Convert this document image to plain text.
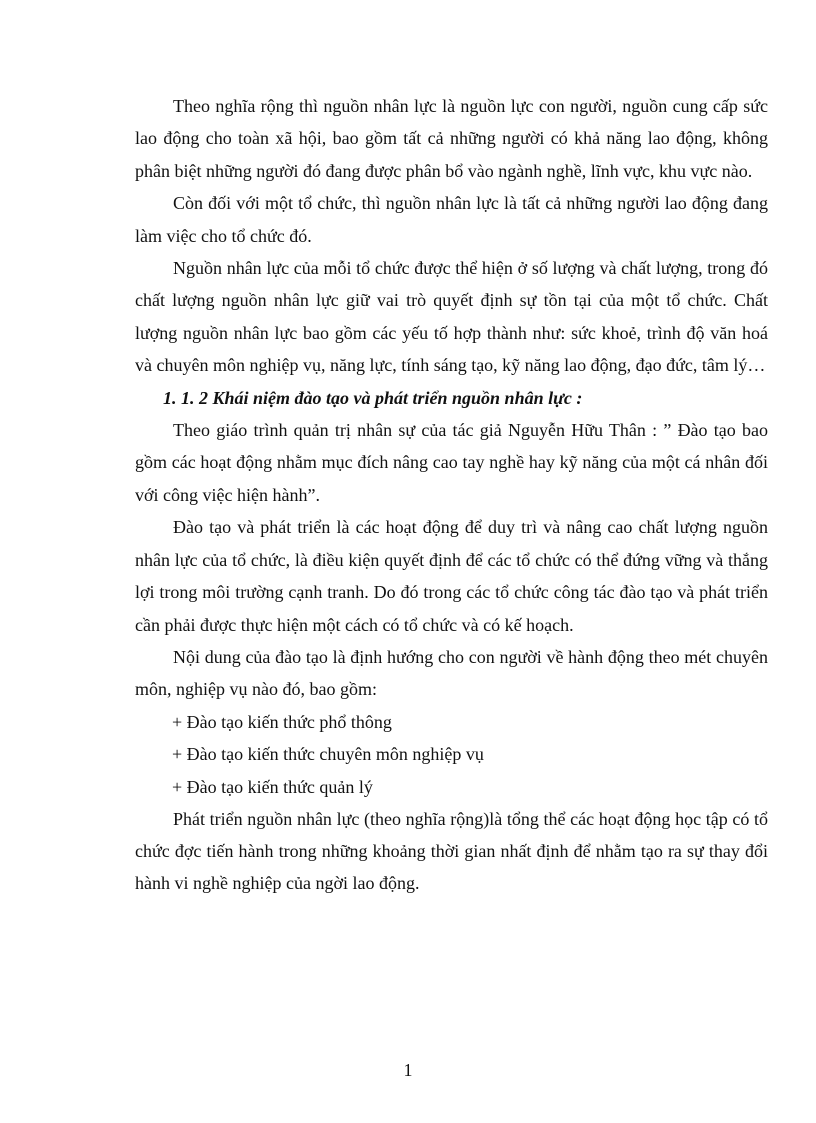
Theo nghĩa rộng thì nguồn nhân lực là nguồn lực con người, nguồn cung cấp sức lao động cho toàn xã hội, bao gồm tất cả những người có khả năng lao động, không phân biệt những người đó đang được phân bổ vào ngành nghề, lĩnh vực, khu vực nào.

Còn đối với một tổ chức, thì nguồn nhân lực là tất cả những người lao động đang làm việc cho tổ chức đó.

Nguồn nhân lực của mỗi tổ chức được thể hiện ở số lượng và chất lượng, trong đó chất lượng nguồn nhân lực giữ vai trò quyết định sự tồn tại của một tổ chức. Chất lượng nguồn nhân lực bao gồm các yếu tố hợp thành như: sức khoẻ, trình độ văn hoá và chuyên môn nghiệp vụ, năng lực, tính sáng tạo, kỹ năng lao động, đạo đức, tâm lý…

1. 1. 2 Khái niệm đào tạo và phát triển nguồn nhân lực :

Theo giáo trình quản trị nhân sự của tác giả Nguyễn Hữu Thân : ” Đào tạo bao gồm các hoạt động nhằm mục đích nâng cao tay nghề hay kỹ năng của một cá nhân đối với công việc hiện hành”.

Đào tạo và phát triển là các hoạt động để duy trì và nâng cao chất lượng nguồn nhân lực của tổ chức, là điều kiện quyết định để các tổ chức có thể đứng vững và thắng lợi trong môi trường cạnh tranh. Do đó trong các tổ chức công tác đào tạo và phát triển cần phải được thực hiện một cách có tổ chức và có kế hoạch.

Nội dung của đào tạo là định hướng cho con người về hành động theo mét chuyên môn, nghiệp vụ nào đó, bao gồm:

+ Đào tạo kiến thức phổ thông

+ Đào tạo kiến thức chuyên môn nghiệp vụ

+ Đào tạo kiến thức quản lý

Phát triển nguồn nhân lực (theo nghĩa rộng)là tổng thể các hoạt động học tập có tổ chức đợc tiến hành trong những khoảng thời gian nhất định để nhằm tạo ra sự thay đổi hành vi nghề nghiệp của ngời lao động.

1
